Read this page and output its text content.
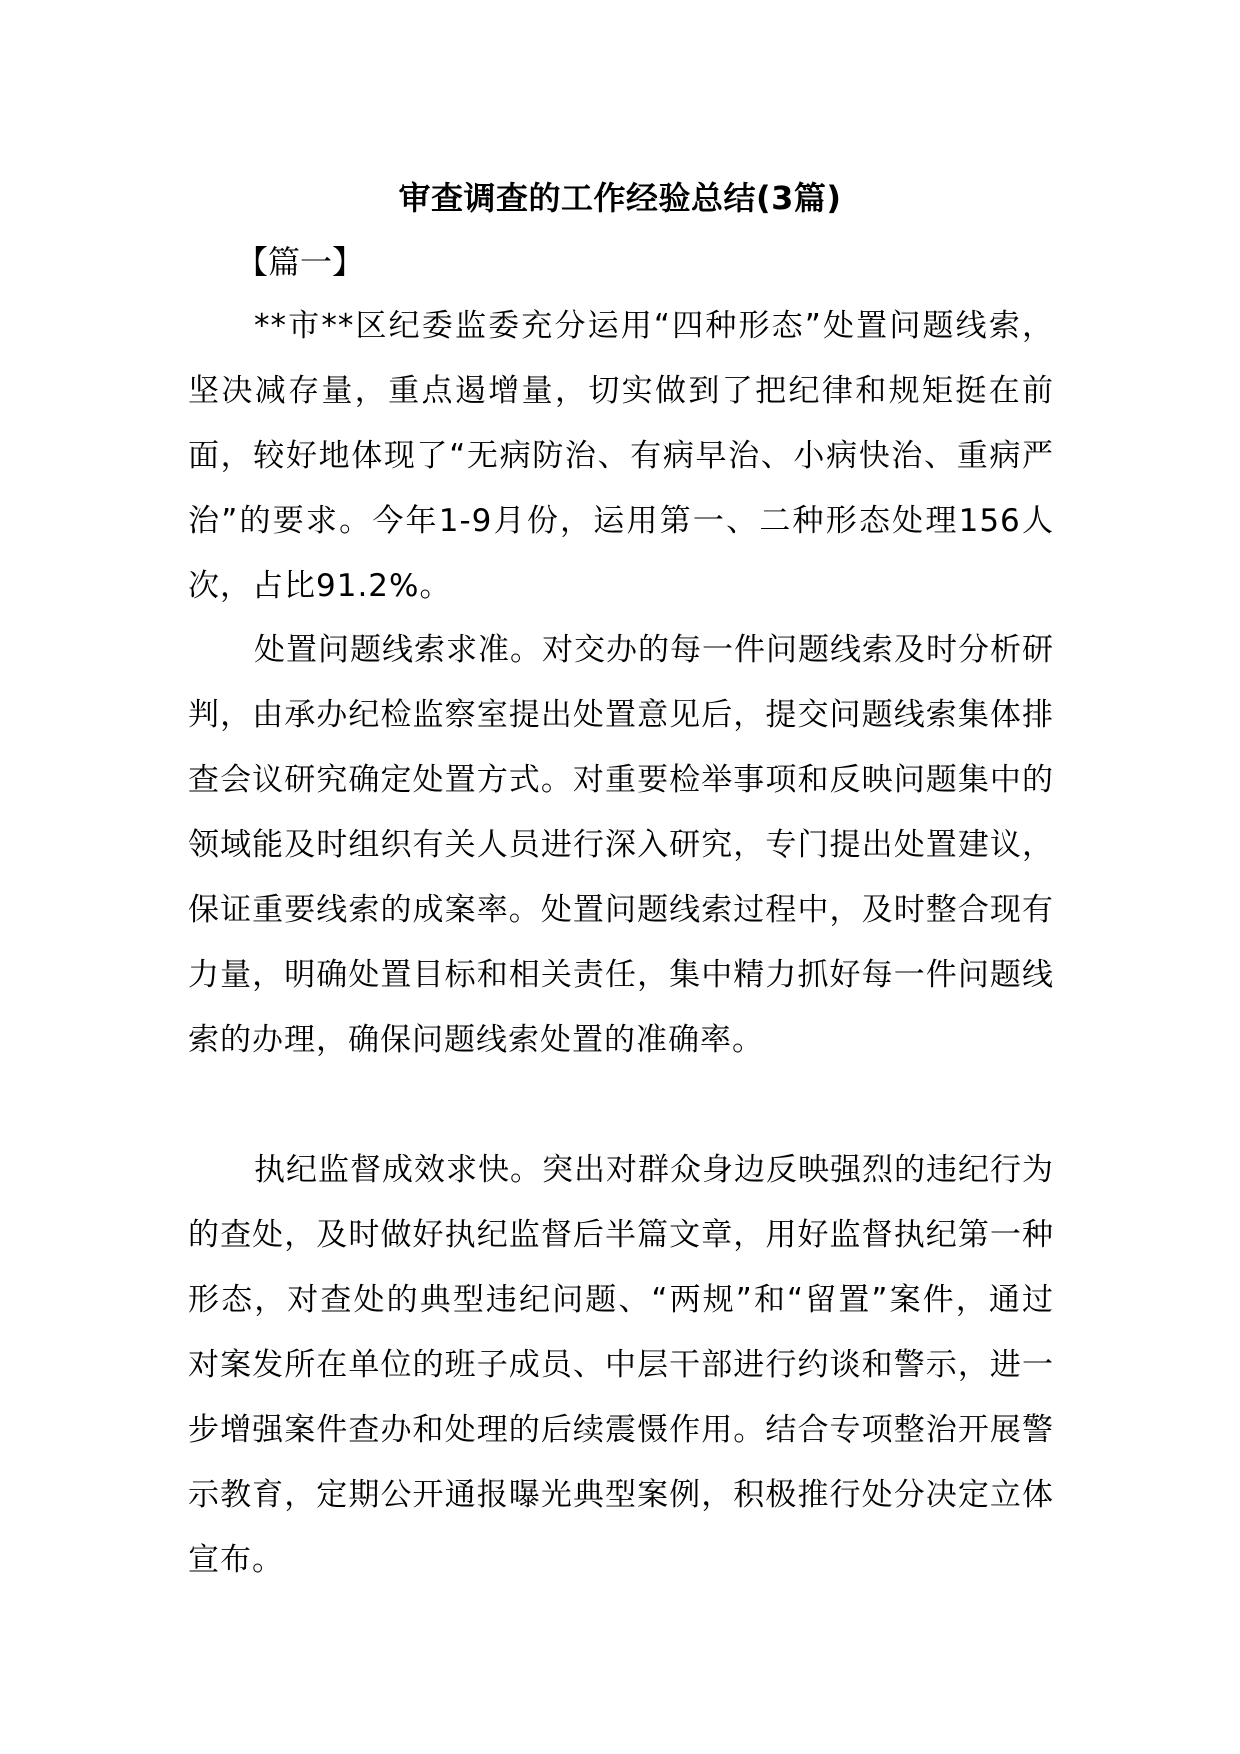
审查调查的工作经验总结(3篇)

【篇一】

**市**区纪委监委充分运用“四种形态”处置问题线索，坚决减存量，重点遏增量，切实做到了把纪律和规矩挺在前面，较好地体现了“无病防治、有病早治、小病快治、重病严治”的要求。今年1-9月份，运用第一、二种形态处理156人次，占比91.2%。

处置问题线索求准。对交办的每一件问题线索及时分析研判，由承办纪检监察室提出处置意见后，提交问题线索集体排查会议研究确定处置方式。对重要检举事项和反映问题集中的领域能及时组织有关人员进行深入研究，专门提出处置建议，保证重要线索的成案率。处置问题线索过程中，及时整合现有力量，明确处置目标和相关责任，集中精力抓好每一件问题线索的办理，确保问题线索处置的准确率。

执纪监督成效求快。突出对群众身边反映强烈的违纪行为的查处，及时做好执纪监督后半篇文章，用好监督执纪第一种形态，对查处的典型违纪问题、“两规”和“留置”案件，通过对案发所在单位的班子成员、中层干部进行约谈和警示，进一步增强案件查办和处理的后续震慑作用。结合专项整治开展警示教育，定期公开通报曝光典型案例，积极推行处分决定立体宣布。
